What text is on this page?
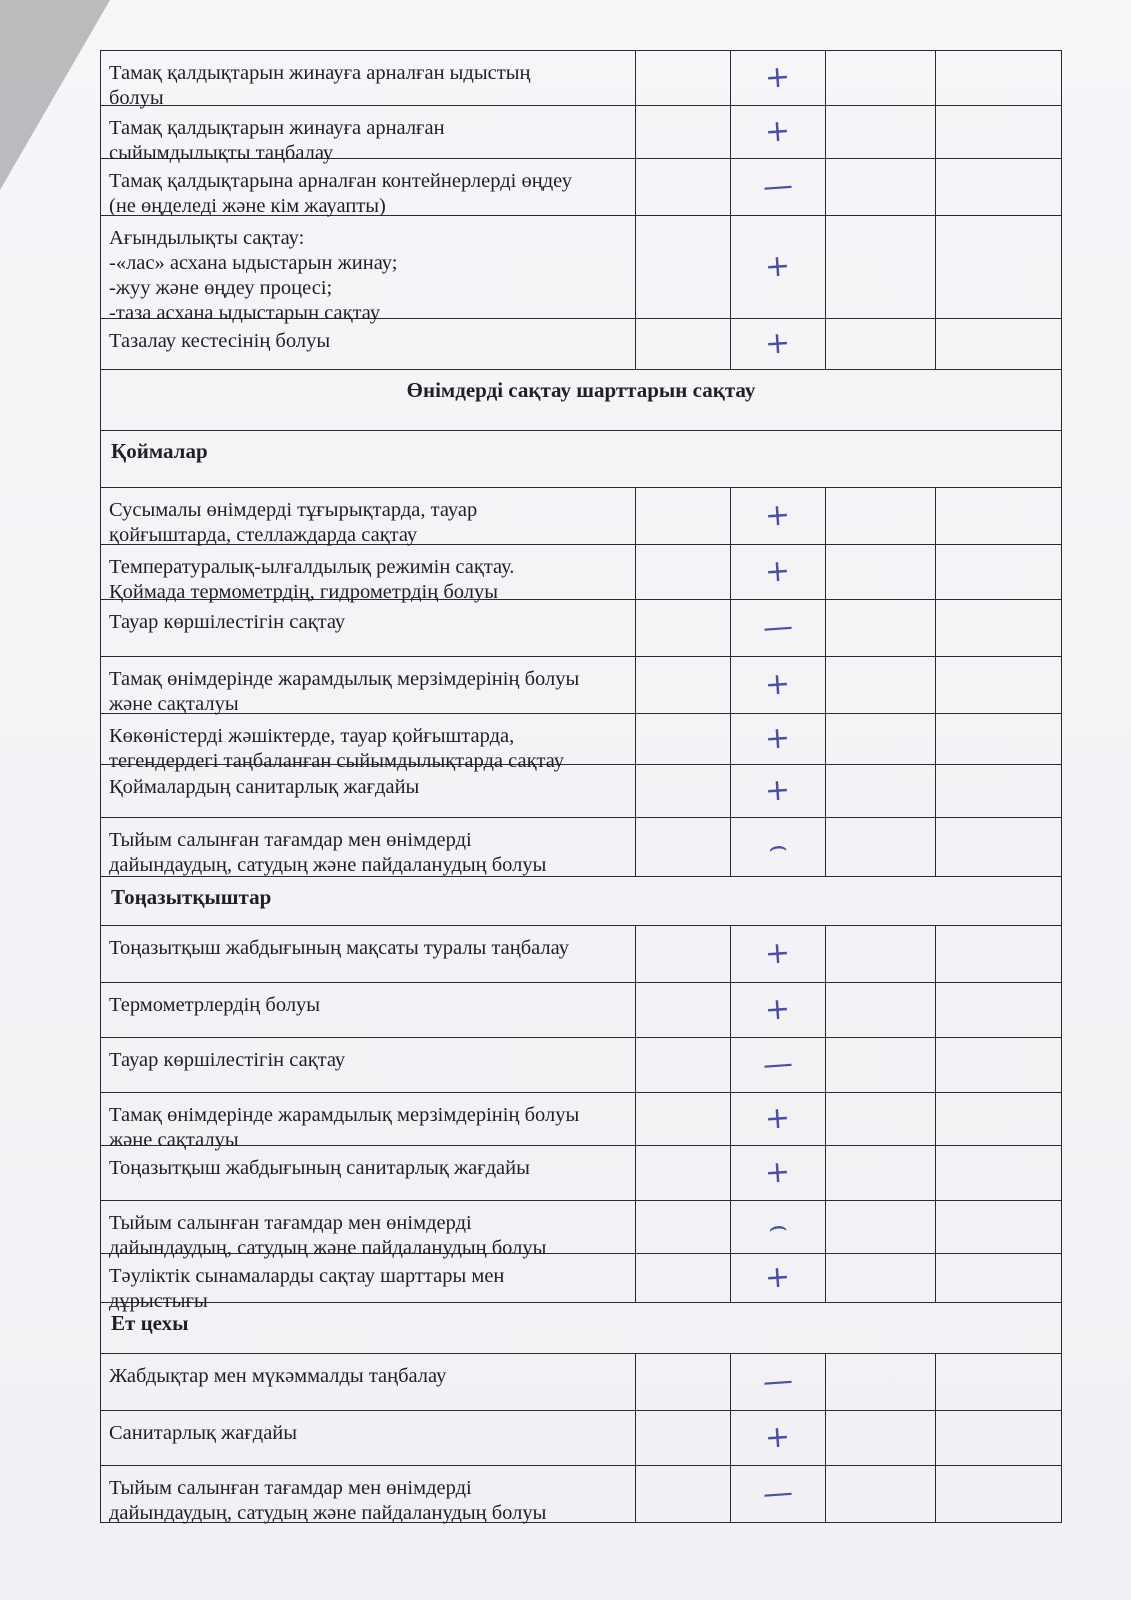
Тамақ қалдықтарын жинауға арналған ыдыстың
болуы
+
Тамақ қалдықтарын жинауға арналған
сыйымдылықты таңбалау
+
Тамақ қалдықтарына арналған контейнерлерді өңдеу
(не өңделеді және кім жауапты)
—
Ағындылықты сақтау:
-«лас» асхана ыдыстарын жинау;
-жуу және өңдеу процесі;
-таза асхана ыдыстарын сақтау
+
Тазалау кестесінің болуы	+
Өнімдерді сақтау шарттарын сақтау
Қоймалар
Сусымалы өнімдерді тұғырықтарда, тауар
қойғыштарда, стеллаждарда сақтау
+
Температуралық-ылғалдылық режимін сақтау.
Қоймада термометрдің, гидрометрдің болуы
+
Тауар көршілестігін сақтау	—
Тамақ өнімдерінде жарамдылық мерзімдерінің болуы
және сақталуы
+
Көкөністерді жәшіктерде, тауар қойғыштарда,
тегендердегі таңбаланған сыйымдылықтарда сақтау
+
Қоймалардың санитарлық жағдайы	+
Тыйым салынған тағамдар мен өнімдерді
дайындаудың, сатудың және пайдаланудың болуы
⌢
Тоңазытқыштар
Тоңазытқыш жабдығының мақсаты туралы таңбалау	+
Термометрлердің болуы	+
Тауар көршілестігін сақтау	—
Тамақ өнімдерінде жарамдылық мерзімдерінің болуы
және сақталуы
+
Тоңазытқыш жабдығының санитарлық жағдайы	+
Тыйым салынған тағамдар мен өнімдерді
дайындаудың, сатудың және пайдаланудың болуы
⌢
Тәуліктік сынамаларды сақтау шарттары мен
дұрыстығы
+
Ет цехы
Жабдықтар мен мүкәммалды таңбалау	—
Санитарлық жағдайы	+
Тыйым салынған тағамдар мен өнімдерді
дайындаудың, сатудың және пайдаланудың болуы
—
